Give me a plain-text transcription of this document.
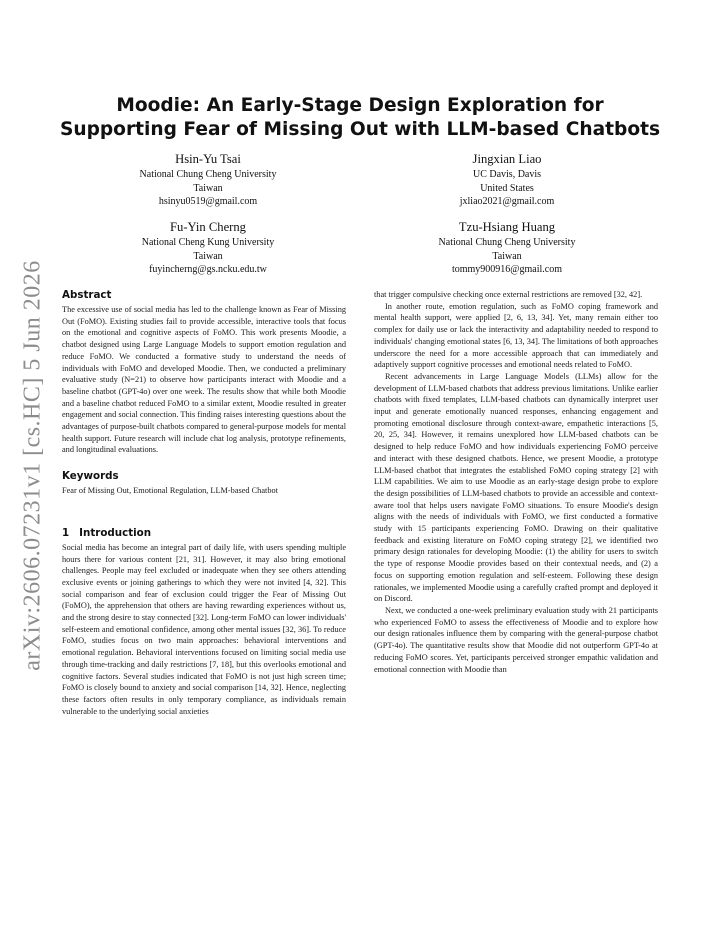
arXiv:2606.07231v1 [cs.HC] 5 Jun 2026
Moodie: An Early-Stage Design Exploration for Supporting Fear of Missing Out with LLM-based Chatbots
Hsin-Yu Tsai
National Chung Cheng University
Taiwan
hsinyu0519@gmail.com
Jingxian Liao
UC Davis, Davis
United States
jxliao2021@gmail.com
Fu-Yin Cherng
National Cheng Kung University
Taiwan
fuyincherng@gs.ncku.edu.tw
Tzu-Hsiang Huang
National Chung Cheng University
Taiwan
tommy900916@gmail.com
Abstract

The excessive use of social media has led to the challenge known as Fear of Missing Out (FoMO). Existing studies fail to provide accessible, interactive tools that focus on the emotional and cognitive aspects of FoMO. This work presents Moodie, a chatbot designed using Large Language Models to support emotion regulation and reduce FoMO. We conducted a formative study to understand the needs of individuals with FoMO and developed Moodie. Then, we conducted a preliminary evaluative study (N=21) to observe how participants interact with Moodie and a baseline chatbot (GPT-4o) over one week. The results show that while both Moodie and a baseline chatbot reduced FoMO to a similar extent, Moodie resulted in greater engagement and social connection. This finding raises interesting questions about the advantages of purpose-built chatbots compared to general-purpose models for mental health support. Future research will include chat log analysis, prototype refinements, and longitudinal evaluations.

Keywords

Fear of Missing Out, Emotional Regulation, LLM-based Chatbot

1 Introduction

Social media has become an integral part of daily life, with users spending multiple hours there for various content [21, 31]. However, it may also bring emotional challenges. People may feel excluded or inadequate when they see others attending exclusive events or joining gatherings to which they were not invited [4, 32]. This social comparison and fear of exclusion could trigger the Fear of Missing Out (FoMO), the apprehension that others are having rewarding experiences without us, and the strong desire to stay connected [32]. Long-term FoMO can lower individuals' self-esteem and emotional confidence, among other mental issues [32, 36]. To reduce FoMO, studies focus on two main approaches: behavioral interventions and emotional regulation. Behavioral interventions focused on limiting social media use through time-tracking and daily restrictions [7, 18], but this overlooks emotional and cognitive factors. Several studies indicated that FoMO is not just high screen time; FoMO is closely bound to anxiety and social comparison [14, 32]. Hence, neglecting these factors often results in only temporary compliance, as individuals remain vulnerable to the underlying social anxieties

that trigger compulsive checking once external restrictions are removed [32, 42].

In another route, emotion regulation, such as FoMO coping framework and mental health support, were applied [2, 6, 13, 34]. Yet, many remain either too complex for daily use or lack the interactivity and adaptability needed to respond to individuals' changing emotional states [6, 13, 34]. The limitations of both approaches underscore the need for a more accessible approach that can immediately and adaptively support cognitive processes and emotional needs related to FoMO.

Recent advancements in Large Language Models (LLMs) allow for the development of LLM-based chatbots that address previous limitations. Unlike earlier chatbots with fixed templates, LLM-based chatbots can dynamically interpret user input and generate emotionally nuanced responses, enhancing engagement and promoting emotional disclosure through context-aware, empathetic interactions [5, 20, 25, 34]. However, it remains unexplored how LLM-based chatbots can be designed to help reduce FoMO and how individuals experiencing FoMO perceive and interact with these designed chatbots. Hence, we present Moodie, a prototype LLM-based chatbot that integrates the established FoMO coping strategy [2] with LLM capabilities. We aim to use Moodie as an early-stage design probe to explore the design possibilities of LLM-based chatbots to provide an accessible and context-aware tool that helps users navigate FoMO situations. To ensure Moodie's design aligns with the needs of individuals with FoMO, we first conducted a formative study with 15 participants experiencing FoMO. Drawing on their qualitative feedback and existing literature on FoMO coping strategy [2], we identified two primary design rationales for developing Moodie: (1) the ability for users to switch the type of response Moodie provides based on their contextual needs, and (2) a focus on supporting emotion regulation and self-esteem. Following these design rationales, we implemented Moodie using a carefully crafted prompt and deployed it on Discord.

Next, we conducted a one-week preliminary evaluation study with 21 participants who experienced FoMO to assess the effectiveness of Moodie and to explore how our design rationales influence them by comparing with the general-purpose chatbot (GPT-4o). The quantitative results show that Moodie did not outperform GPT-4o at reducing FoMO scores. Yet, participants perceived stronger empathic validation and emotional connection with Moodie than
